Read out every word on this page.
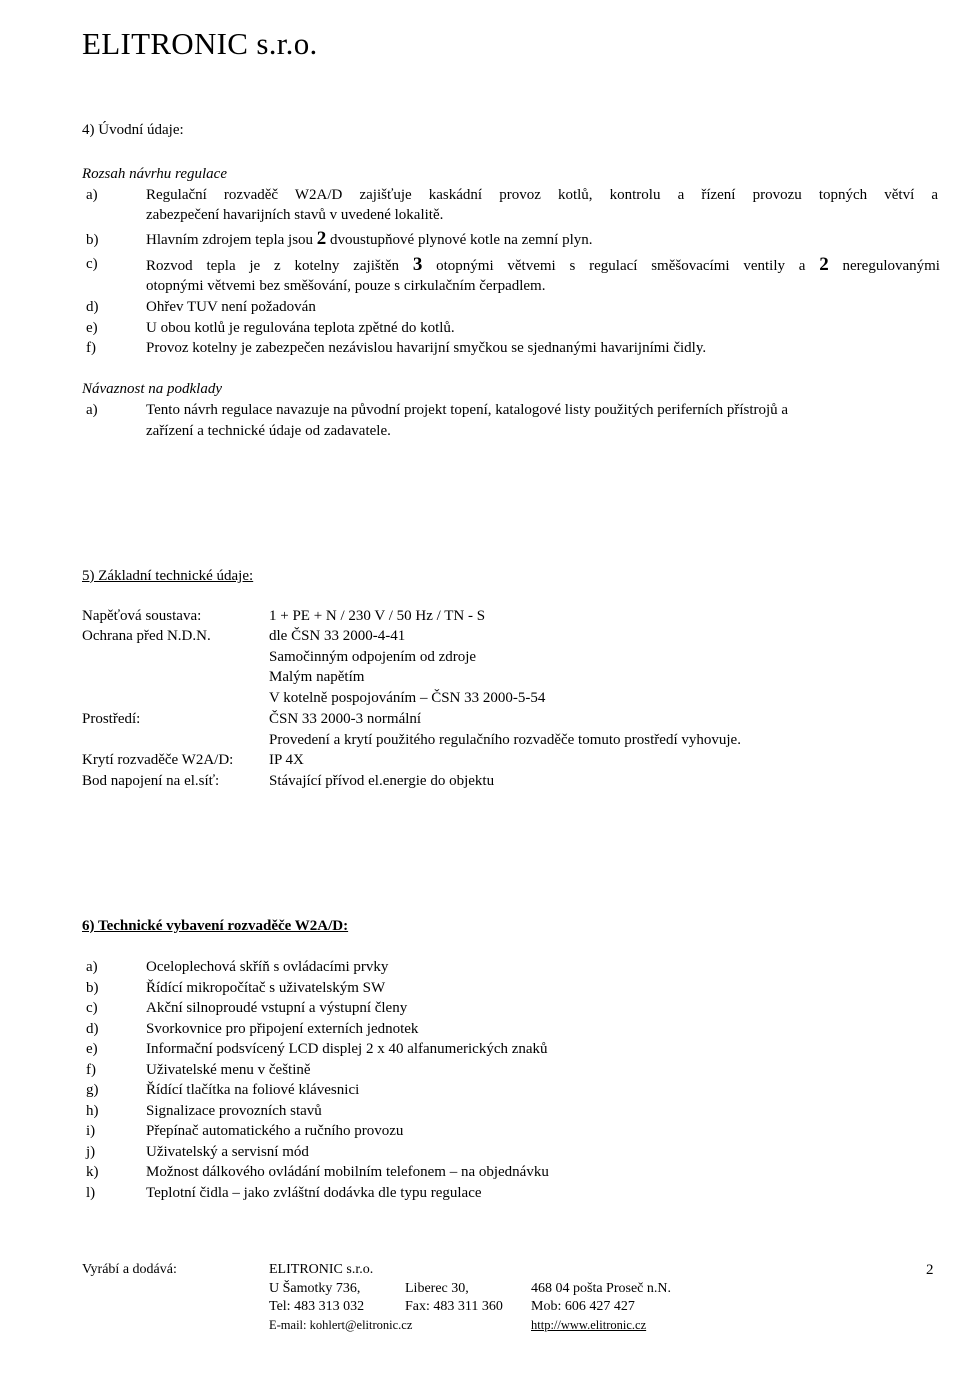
ELITRONIC s.r.o.
4) Úvodní údaje:
Rozsah návrhu regulace
a)	Regulační rozvaděč W2A/D zajišťuje kaskádní provoz kotlů, kontrolu a řízení provozu topných větví a
zabezpečení havarijních stavů v uvedené lokalitě.
b)	Hlavním zdrojem tepla jsou 2 dvoustupňové plynové kotle na zemní plyn.
c)	Rozvod tepla je z kotelny zajištěn 3 otopnými větvemi s regulací směšovacími ventily a 2 neregulovanými
otopnými větvemi bez směšování, pouze s cirkulačním čerpadlem.
d)	Ohřev TUV není požadován
e)	U obou kotlů je regulována teplota zpětné do kotlů.
f)	Provoz kotelny je zabezpečen nezávislou havarijní smyčkou se sjednanými havarijními čidly.
Návaznost na podklady
a)	Tento návrh regulace navazuje na původní projekt topení, katalogové listy použitých periferních přístrojů a
zařízení a technické údaje od zadavatele.
5) Základní technické údaje:
Napěťová soustava:	1 + PE + N / 230 V / 50 Hz / TN - S
Ochrana před N.D.N.	dle ČSN 33 2000-4-41
Samočinným odpojením od zdroje
Malým napětím
V kotelně pospojováním – ČSN 33 2000-5-54
Prostředí:	ČSN 33 2000-3 normální
Provedení a krytí použitého regulačního rozvaděče tomuto prostředí vyhovuje.
Krytí rozvaděče W2A/D: IP 4X
Bod napojení na el.síť:	Stávající přívod el.energie do objektu
6) Technické vybavení rozvaděče W2A/D:
a)	Oceloplechová skříň s ovládacími prvky
b)	Řídící mikropočítač s uživatelským SW
c)	Akční silnoproudé vstupní a výstupní členy
d)	Svorkovnice pro připojení externích jednotek
e)	Informační podsvícený LCD displej 2 x 40 alfanumerických znaků
f)	Uživatelské menu v češtině
g)	Řídící tlačítka na foliové klávesnici
h)	Signalizace provozních stavů
i)	Přepínač automatického a ručního provozu
j)	Uživatelský a servisní mód
k)	Možnost dálkového ovládání mobilním telefonem – na objednávku
l)	Teplotní čidla – jako zvláštní dodávka dle typu regulace
Vyrábí a dodává:	ELITRONIC s.r.o.
U Šamotky 736,	Liberec 30,	468 04 pošta Proseč n.N.
Tel: 483 313 032	Fax: 483 311 360 Mob: 606 427 427
E-mail: kohlert@elitronic.cz	http://www.elitronic.cz
2
